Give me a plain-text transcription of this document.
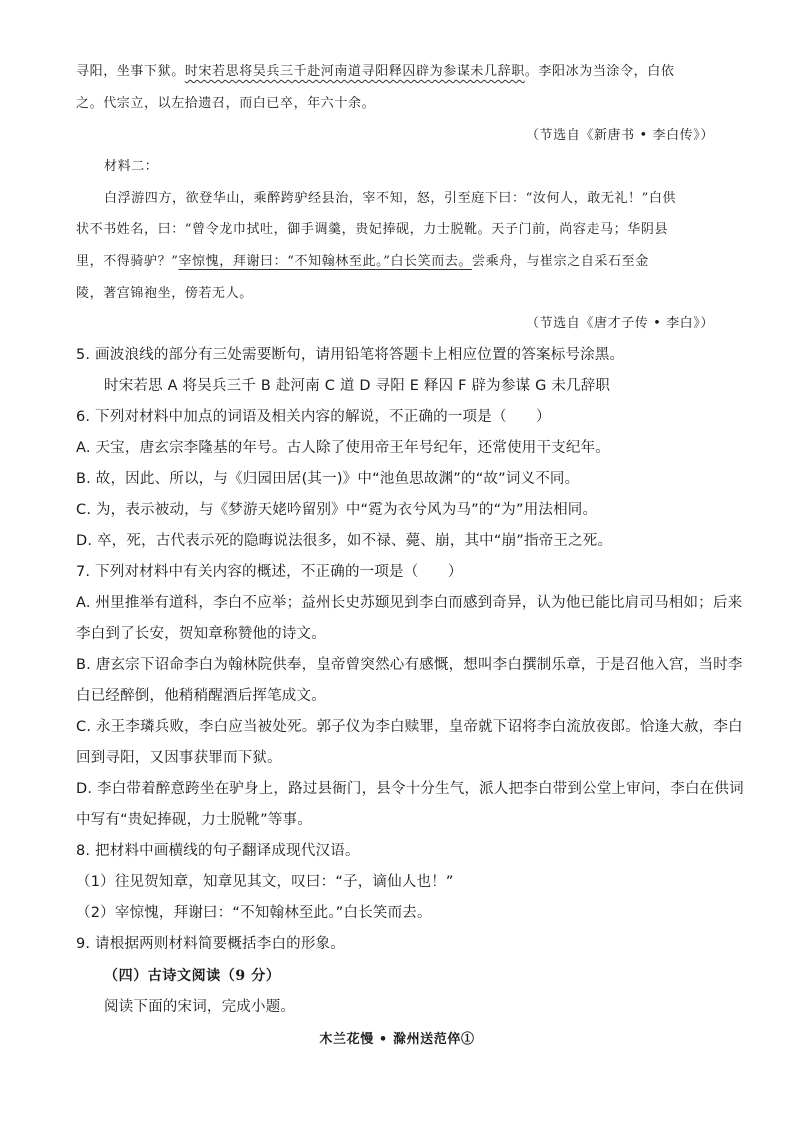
寻阳，坐事下狱。时宋若思将吴兵三千赴河南道寻阳释囚辟为参谋未几辞职。李阳冰为当涂令，白依
之。代宗立，以左拾遗召，而白已卒，年六十余。
（节选自《新唐书 • 李白传》）
材料二：
白浮游四方，欲登华山，乘醉跨驴经县治，宰不知，怒，引至庭下曰：“汝何人，敢无礼！”白供
状不书姓名，曰：“曾令龙巾拭吐，御手调羹，贵妃捧砚，力士脱靴。天子门前，尚容走马；华阴县
里，不得骑驴？”宰惊愧，拜谢曰：“不知翰林至此。”白长笑而去。尝乘舟，与崔宗之自采石至金
陵，著宫锦袍坐，傍若无人。
（节选自《唐才子传 • 李白》）
5. 画波浪线的部分有三处需要断句，请用铅笔将答题卡上相应位置的答案标号涂黑。
时宋若思 A 将吴兵三千 B 赴河南 C 道 D 寻阳 E 释囚 F 辟为参谋 G 未几辞职
6. 下列对材料中加点的词语及相关内容的解说，不正确的一项是（　　）
A. 天宝，唐玄宗李隆基的年号。古人除了使用帝王年号纪年，还常使用干支纪年。
B. 故，因此、所以，与《归园田居(其一)》中“池鱼思故渊”的“故”词义不同。
C. 为，表示被动，与《梦游天姥吟留别》中“霓为衣兮风为马”的“为”用法相同。
D. 卒，死，古代表示死的隐晦说法很多，如不禄、薨、崩，其中“崩”指帝王之死。
7. 下列对材料中有关内容的概述，不正确的一项是（　　）
A. 州里推举有道科，李白不应举；益州长史苏颋见到李白而感到奇异，认为他已能比肩司马相如；后来
李白到了长安，贺知章称赞他的诗文。
B. 唐玄宗下诏命李白为翰林院供奉，皇帝曾突然心有感慨，想叫李白撰制乐章，于是召他入宫，当时李
白已经醉倒，他稍稍醒酒后挥笔成文。
C. 永王李璘兵败，李白应当被处死。郭子仪为李白赎罪，皇帝就下诏将李白流放夜郎。恰逢大赦，李白
回到寻阳，又因事获罪而下狱。
D. 李白带着醉意跨坐在驴身上，路过县衙门，县令十分生气，派人把李白带到公堂上审问，李白在供词
中写有“贵妃捧砚，力士脱靴”等事。
8. 把材料中画横线的句子翻译成现代汉语。
（1）往见贺知章，知章见其文，叹曰：“子，谪仙人也！”
（2）宰惊愧，拜谢曰：“不知翰林至此。”白长笑而去。
9. 请根据两则材料简要概括李白的形象。
（四）古诗文阅读（9 分）
阅读下面的宋词，完成小题。
木兰花慢 • 滁州送范倅①
